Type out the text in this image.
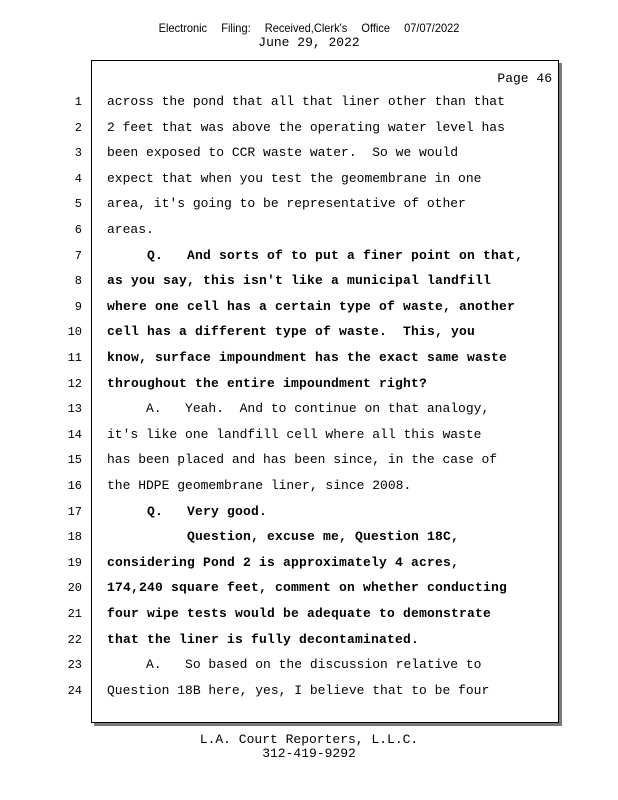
Electronic Filing: Received,Clerk's Office 07/07/2022
June 29, 2022
Page 46
1 across the pond that all that liner other than that
2 2 feet that was above the operating water level has
3 been exposed to CCR waste water.  So we would
4 expect that when you test the geomembrane in one
5 area, it's going to be representative of other
6 areas.
7 Q.   And sorts of to put a finer point on that,
8 as you say, this isn't like a municipal landfill
9 where one cell has a certain type of waste, another
10 cell has a different type of waste.  This, you
11 know, surface impoundment has the exact same waste
12 throughout the entire impoundment right?
13 A.   Yeah.  And to continue on that analogy,
14 it's like one landfill cell where all this waste
15 has been placed and has been since, in the case of
16 the HDPE geomembrane liner, since 2008.
17 Q.   Very good.
18 Question, excuse me, Question 18C,
19 considering Pond 2 is approximately 4 acres,
20 174,240 square feet, comment on whether conducting
21 four wipe tests would be adequate to demonstrate
22 that the liner is fully decontaminated.
23 A.   So based on the discussion relative to
24 Question 18B here, yes, I believe that to be four
L.A. Court Reporters, L.L.C.
312-419-9292
